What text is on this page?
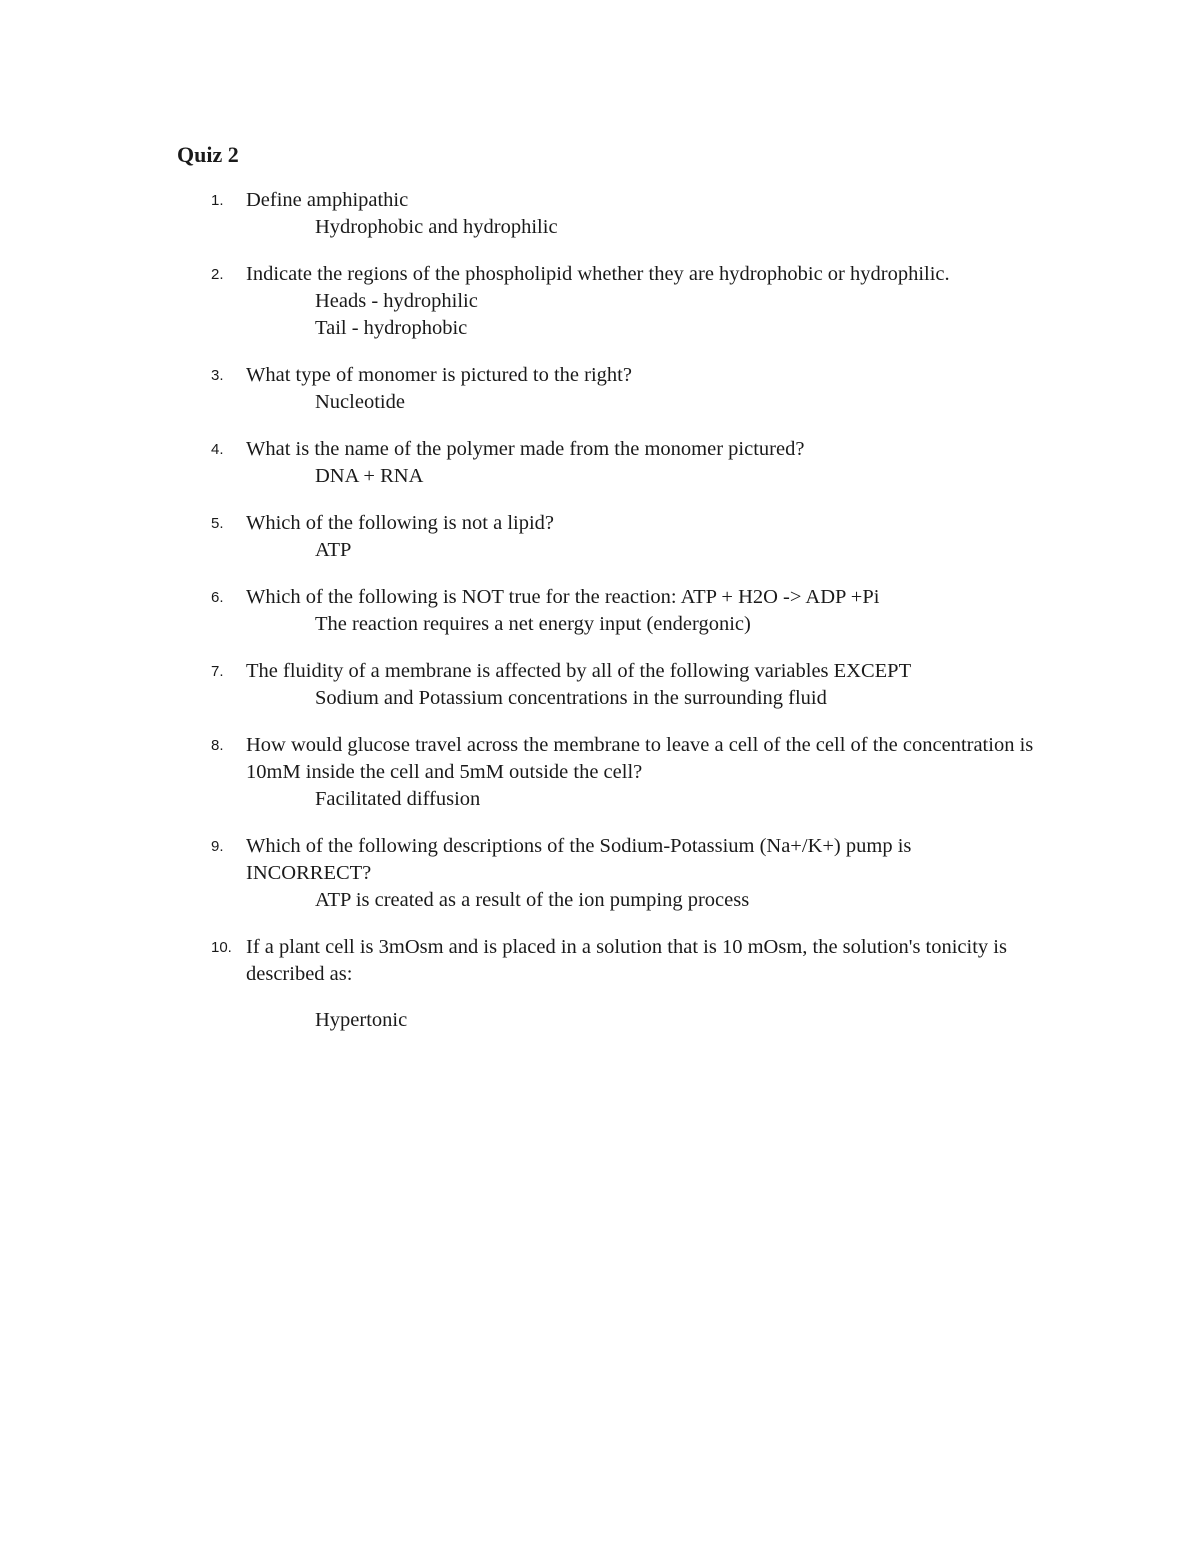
Quiz 2
1.	Define amphipathic
Hydrophobic and hydrophilic
2.	Indicate the regions of the phospholipid whether they are hydrophobic or hydrophilic.
Heads - hydrophilic
Tail - hydrophobic
3.	What type of monomer is pictured to the right?
Nucleotide
4.	What is the name of the polymer made from the monomer pictured?
DNA + RNA
5.	Which of the following is not a lipid?
ATP
6.	Which of the following is NOT true for the reaction: ATP + H2O -> ADP +Pi
The reaction requires a net energy input (endergonic)
7.	The fluidity of a membrane is affected by all of the following variables EXCEPT
Sodium and Potassium concentrations in the surrounding fluid
8.	How would glucose travel across the membrane to leave a cell of the cell of the concentration is 10mM inside the cell and 5mM outside the cell?
Facilitated diffusion
9.	Which of the following descriptions of the Sodium-Potassium (Na+/K+) pump is INCORRECT?
ATP is created as a result of the ion pumping process
10. If a plant cell is 3mOsm and is placed in a solution that is 10 mOsm, the solution's tonicity is described as:
Hypertonic
